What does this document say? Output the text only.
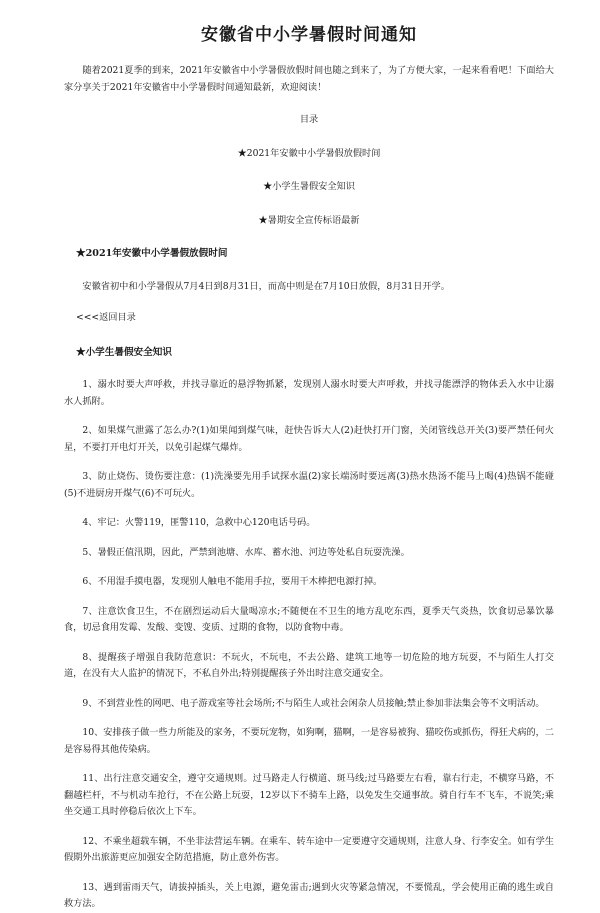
安徽省中小学暑假时间通知

随着2021夏季的到来，2021年安徽省中小学暑假放假时间也随之到来了，为了方便大家，一起来看看吧！下面给大家分享关于2021年安徽省中小学暑假时间通知最新，欢迎阅读！

目录

★2021年安徽中小学暑假放假时间

★小学生暑假安全知识

★暑期安全宣传标语最新

★2021年安徽中小学暑假放假时间

安徽省初中和小学暑假从7月4日到8月31日，而高中则是在7月10日放假，8月31日开学。

<<<返回目录

★小学生暑假安全知识

1、溺水时要大声呼救，并找寻靠近的悬浮物抓紧，发现别人溺水时要大声呼救，并找寻能漂浮的物体丢入水中让溺水人抓附。

2、如果煤气泄露了怎么办?(1)如果闻到煤气味，赶快告诉大人(2)赶快打开门窗，关闭管线总开关(3)要严禁任何火星，不要打开电灯开关，以免引起煤气爆炸。

3、防止烧伤、烫伤要注意：(1)洗澡要先用手试探水温(2)家长端汤时要远离(3)热水热汤不能马上喝(4)热锅不能碰(5)不进厨房开煤气(6)不可玩火。

4、牢记：火警119，匪警110，急救中心120电话号码。

5、暑假正值汛期，因此，严禁到池塘、水库、蓄水池、河边等处私自玩耍洗澡。

6、不用湿手摸电器，发现别人触电不能用手拉，要用干木棒把电源打掉。

7、注意饮食卫生，不在剧烈运动后大量喝凉水;不随便在不卫生的地方乱吃东西，夏季天气炎热，饮食切忌暴饮暴食，切忌食用发霉、发酸、变馊、变质、过期的食物，以防食物中毒。

8、提醒孩子增强自我防范意识：不玩火，不玩电，不去公路、建筑工地等一切危险的地方玩耍，不与陌生人打交道，在没有大人监护的情况下，不私自外出;特别提醒孩子外出时注意交通安全。

9、不到营业性的网吧、电子游戏室等社会场所;不与陌生人或社会闲杂人员接触;禁止参加非法集会等不文明活动。

10、安排孩子做一些力所能及的家务，不要玩宠物，如狗啊，猫啊，一是容易被狗、猫咬伤或抓伤，得狂犬病的，二是容易得其他传染病。

11、出行注意交通安全，遵守交通规则。过马路走人行横道、斑马线;过马路要左右看，靠右行走，不横穿马路，不翻越栏杆，不与机动车抢行，不在公路上玩耍，12岁以下不骑车上路，以免发生交通事故。骑自行车不飞车，不说笑;乘坐交通工具时停稳后依次上下车。

12、不乘坐超载车辆，不坐非法营运车辆。在乘车、转车途中一定要遵守交通规则，注意人身、行李安全。如有学生假期外出旅游更应加强安全防范措施，防止意外伤害。

13、遇到雷雨天气，请拔掉插头，关上电源，避免雷击;遇到火灾等紧急情况，不要慌乱，学会使用正确的逃生或自救方法。
